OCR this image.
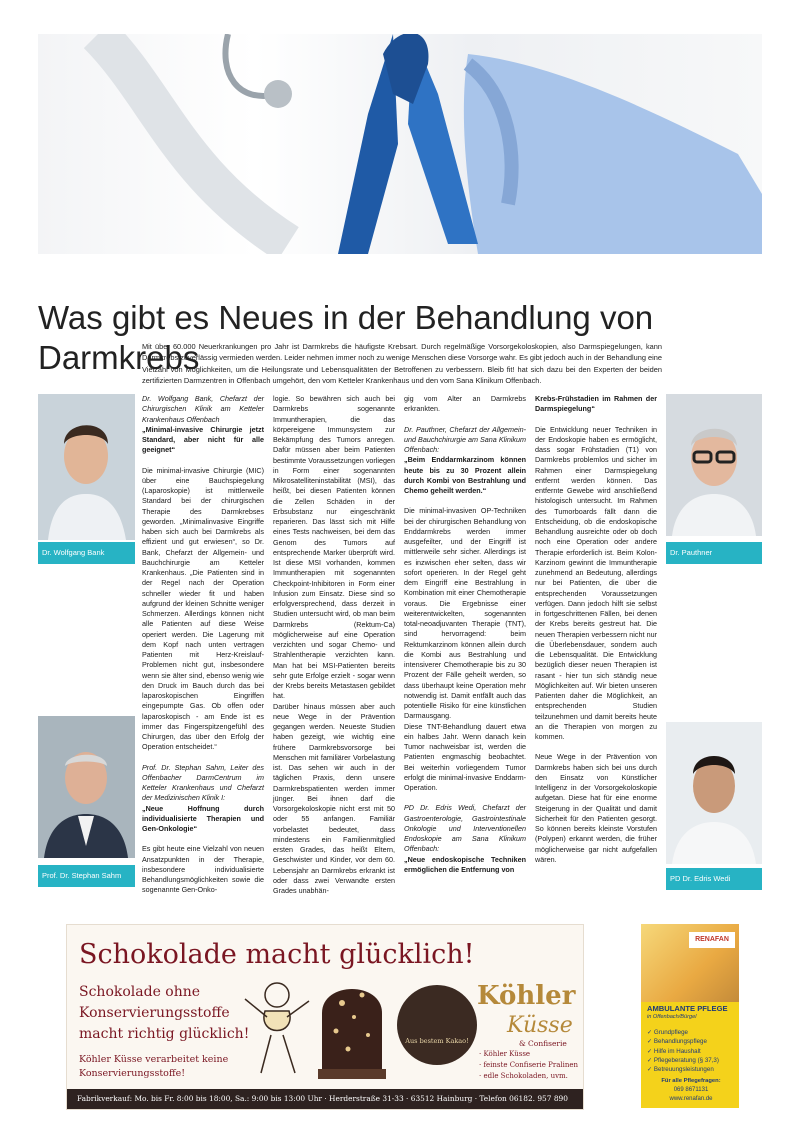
Was gibt es Neues in der Behandlung von Darmkrebs

Mit über 60.000 Neuerkrankungen pro Jahr ist Darmkrebs die häufigste Krebsart. Durch regelmäßige Vorsorgekoloskopien, also Darmspiegelungen, kann Darmkrebs zuverlässig vermieden werden. Leider nehmen immer noch zu wenige Menschen diese Vorsorge wahr. Es gibt jedoch auch in der Behandlung eine Vielzahl von Möglichkeiten, um die Heilungsrate und Lebensqualitäten der Betroffenen zu verbessern. Bleib fit! hat sich dazu bei den Experten der beiden zertifizierten Darmzentren in Offenbach umgehört, den vom Ketteler Krankenhaus und den vom Sana Klinikum Offenbach.

Dr. Wolfgang Bank
Prof. Dr. Stephan Sahm
Dr. Pauthner
PD Dr. Edris Wedi

Dr. Wolfgang Bank, Chefarzt der Chirurgischen Klinik am Ketteler Krankenhaus Offenbach
„Minimal-invasive Chirurgie jetzt Standard, aber nicht für alle geeignet“

Die minimal-invasive Chirurgie (MIC) über eine Bauchspiegelung (Laparoskopie) ist mittlerweile Standard bei der chirurgischen Therapie des Darmkrebses geworden. „Minimalinvasive Eingriffe haben sich auch bei Darmkrebs als effizient und gut erwiesen“, so Dr. Bank, Chefarzt der Allgemein- und Bauchchirurgie am Ketteler Krankenhaus. „Die Patienten sind in der Regel nach der Operation schneller wieder fit und haben aufgrund der kleinen Schnitte weniger Schmerzen. Allerdings können nicht alle Patienten auf diese Weise operiert werden. Die Lagerung mit dem Kopf nach unten vertragen Patienten mit Herz-Kreislauf-Problemen nicht gut, insbesondere wenn sie älter sind, ebenso wenig wie den Druck im Bauch durch das bei laparoskopischen Eingriffen eingepumpte Gas. Ob offen oder laparoskopisch - am Ende ist es immer das Fingerspitzengefühl des Chirurgen, das über den Erfolg der Operation entscheidet.“

Prof. Dr. Stephan Sahm, Leiter des Offenbacher DarmCentrum im Ketteler Krankenhaus und Chefarzt der Medizinischen Klinik I:
„Neue Hoffnung durch individualisierte Therapien und Gen-Onkologie“

Es gibt heute eine Vielzahl von neuen Ansatzpunkten in der Therapie, insbesondere individualisierte Behandlungsmöglichkeiten sowie die sogenannte Gen-Onko-

logie. So bewähren sich auch bei Darmkrebs sogenannte Immuntherapien, die das körpereigene Immunsystem zur Bekämpfung des Tumors anregen. Dafür müssen aber beim Patienten bestimmte Voraussetzungen vorliegen in Form einer sogenannten Mikrosatelliteninstabilität (MSI), das heißt, bei diesen Patienten können die Zellen Schäden in der Erbsubstanz nur eingeschränkt reparieren. Das lässt sich mit Hilfe eines Tests nachweisen, bei dem das Genom des Tumors auf entsprechende Marker überprüft wird. Ist diese MSI vorhanden, kommen Immuntherapien mit sogenannten Checkpoint-Inhibitoren in Form einer Infusion zum Einsatz. Diese sind so erfolgversprechend, dass derzeit in Studien untersucht wird, ob man beim Darmkrebs (Rektum-Ca) möglicherweise auf eine Operation verzichten und sogar Chemo- und Strahlentherapie verzichten kann. Man hat bei MSI-Patienten bereits sehr gute Erfolge erzielt - sogar wenn der Krebs bereits Metastasen gebildet hat.

Darüber hinaus müssen aber auch neue Wege in der Prävention gegangen werden. Neueste Studien haben gezeigt, wie wichtig eine frühere Darmkrebsvorsorge bei Menschen mit familiärer Vorbelastung ist. Das sehen wir auch in der täglichen Praxis, denn unsere Darmkrebspatienten werden immer jünger. Bei ihnen darf die Vorsorgekoloskopie nicht erst mit 50 oder 55 anfangen. Familiär vorbelastet bedeutet, dass mindestens ein Familienmitglied ersten Grades, das heißt Eltern, Geschwister und Kinder, vor dem 60. Lebensjahr an Darmkrebs erkrankt ist oder dass zwei Verwandte ersten Grades unabhän-

gig vom Alter an Darmkrebs erkrankten.

Dr. Pauthner, Chefarzt der Allgemein- und Bauchchirurgie am Sana Klinikum Offenbach:
„Beim Enddarmkarzinom können heute bis zu 30 Prozent allein durch Kombi von Bestrahlung und Chemo geheilt werden.“

Die minimal-invasiven OP-Techniken bei der chirurgischen Behandlung von Enddarmkrebs werden immer ausgefeilter, und der Eingriff ist mittlerweile sehr sicher. Allerdings ist es inzwischen eher selten, dass wir sofort operieren. In der Regel geht dem Eingriff eine Bestrahlung in Kombination mit einer Chemotherapie voraus. Die Ergebnisse einer weiterentwickelten, sogenannten total-neoadjuvanten Therapie (TNT), sind hervorragend: beim Rektumkarzinom können allein durch die Kombi aus Bestrahlung und intensiverer Chemotherapie bis zu 30 Prozent der Fälle geheilt werden, so dass überhaupt keine Operation mehr notwendig ist. Damit entfällt auch das potentielle Risiko für eine künstlichen Darmausgang.

Diese TNT-Behandlung dauert etwa ein halbes Jahr. Wenn danach kein Tumor nachweisbar ist, werden die Patienten engmaschig beobachtet. Bei weiterhin vorliegendem Tumor erfolgt die minimal-invasive Enddarm-Operation.

PD Dr. Edris Wedi, Chefarzt der Gastroenterologie, Gastrointestinale Onkologie und Interventionellen Endoskopie am Sana Klinikum Offenbach:
„Neue endoskopische Techniken ermöglichen die Entfernung von

Krebs-Frühstadien im Rahmen der Darmspiegelung“

Die Entwicklung neuer Techniken in der Endoskopie haben es ermöglicht, dass sogar Frühstadien (T1) von Darmkrebs problemlos und sicher im Rahmen einer Darmspiegelung entfernt werden können. Das entfernte Gewebe wird anschließend histologisch untersucht. Im Rahmen des Tumorboards fällt dann die Entscheidung, ob die endoskopische Behandlung ausreichte oder ob doch noch eine Operation oder andere Therapie erforderlich ist. Beim Kolon-Karzinom gewinnt die Immuntherapie zunehmend an Bedeutung, allerdings nur bei Patienten, die über die entsprechenden Voraussetzungen verfügen. Dann jedoch hilft sie selbst in fortgeschrittenen Fällen, bei denen der Krebs bereits gestreut hat. Die neuen Therapien verbessern nicht nur die Überlebensdauer, sondern auch die Lebensqualität. Die Entwicklung bezüglich dieser neuen Therapien ist rasant - hier tun sich ständig neue Möglichkeiten auf. Wir bieten unseren Patienten daher die Möglichkeit, an entsprechenden Studien teilzunehmen und damit bereits heute an die Therapien von morgen zu kommen.

Neue Wege in der Prävention von Darmkrebs haben sich bei uns durch den Einsatz von Künstlicher Intelligenz in der Vorsorgekoloskopie aufgetan. Diese hat für eine enorme Steigerung in der Qualität und damit Sicherheit für den Patienten gesorgt. So können bereits kleinste Vorstufen (Polypen) erkannt werden, die früher möglicherweise gar nicht aufgefallen wären.

Schokolade macht glücklich!
Schokolade ohne Konservierungsstoffe macht richtig glücklich!
Köhler Küsse verarbeitet keine Konservierungsstoffe!
Aus bestem Kakao!
Köhler
Küsse
& Confiserie
· Köhler Küsse
· feinste Confiserie Pralinen
· edle Schokoladen, uvm.
Fabrikverkauf: Mo. bis Fr. 8:00 bis 18:00, Sa.: 9:00 bis 13:00 Uhr · Herderstraße 31-33 · 63512 Hainburg · Telefon 06182. 957 890
RENAFAN
AMBULANTE PFLEGE
in Offenbach/Bürgel
✓ Grundpflege
✓ Behandlungspflege
✓ Hilfe im Haushalt
✓ Pflegeberatung (§ 37,3)
✓ Betreuungsleistungen
Für alle Pflegefragen:
069 8671131
www.renafan.de
